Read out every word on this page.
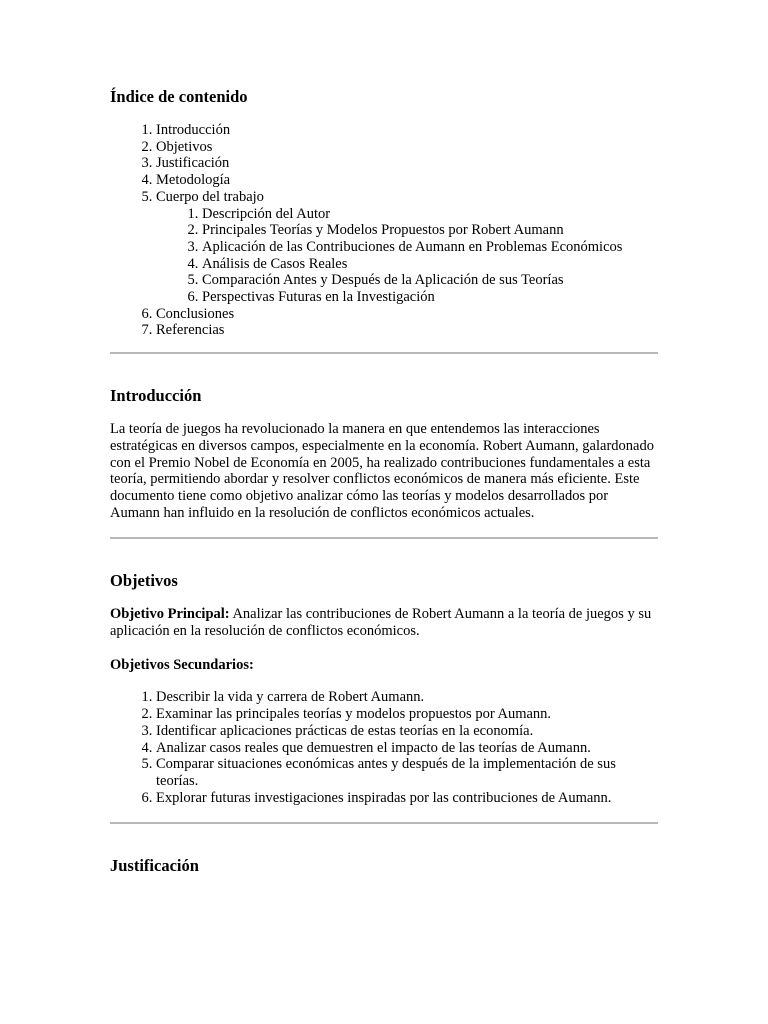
Índice de contenido
1. Introducción
2. Objetivos
3. Justificación
4. Metodología
5. Cuerpo del trabajo
1. Descripción del Autor
2. Principales Teorías y Modelos Propuestos por Robert Aumann
3. Aplicación de las Contribuciones de Aumann en Problemas Económicos
4. Análisis de Casos Reales
5. Comparación Antes y Después de la Aplicación de sus Teorías
6. Perspectivas Futuras en la Investigación
6. Conclusiones
7. Referencias
Introducción

La teoría de juegos ha revolucionado la manera en que entendemos las interacciones estratégicas en diversos campos, especialmente en la economía. Robert Aumann, galardonado con el Premio Nobel de Economía en 2005, ha realizado contribuciones fundamentales a esta teoría, permitiendo abordar y resolver conflictos económicos de manera más eficiente. Este documento tiene como objetivo analizar cómo las teorías y modelos desarrollados por Aumann han influido en la resolución de conflictos económicos actuales.

Objetivos

Objetivo Principal: Analizar las contribuciones de Robert Aumann a la teoría de juegos y su aplicación en la resolución de conflictos económicos.

Objetivos Secundarios:

1. Describir la vida y carrera de Robert Aumann.
2. Examinar las principales teorías y modelos propuestos por Aumann.
3. Identificar aplicaciones prácticas de estas teorías en la economía.
4. Analizar casos reales que demuestren el impacto de las teorías de Aumann.
5. Comparar situaciones económicas antes y después de la implementación de sus teorías.
6. Explorar futuras investigaciones inspiradas por las contribuciones de Aumann.
Justificación
